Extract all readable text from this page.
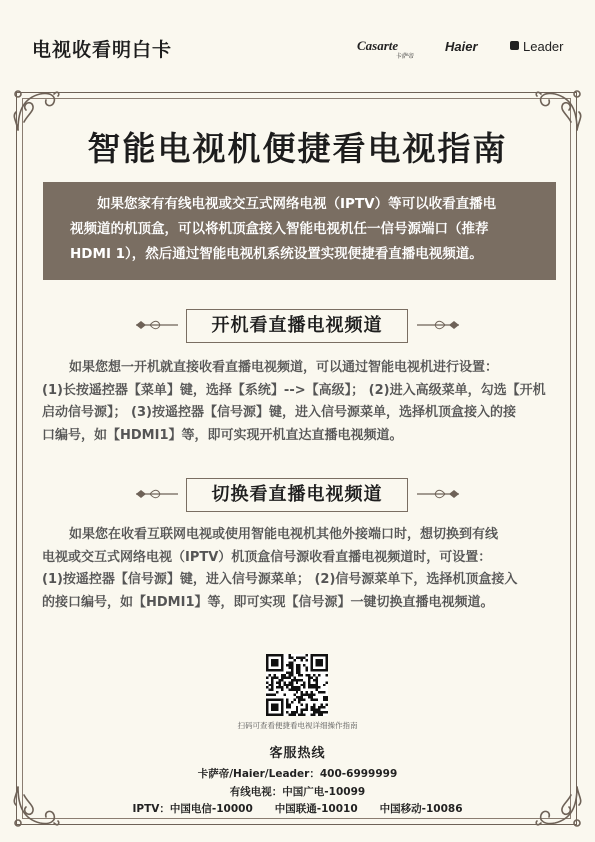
电视收看明白卡	Casarte
卡萨帝
Haier	Leader
智能电视机便捷看电视指南
如果您家有有线电视或交互式网络电视（IPTV）等可以收看直播电
视频道的机顶盒，可以将机顶盒接入智能电视机任一信号源端口（推荐
HDMI 1），然后通过智能电视机系统设置实现便捷看直播电视频道。
开机看直播电视频道
如果您想一开机就直接收看直播电视频道，可以通过智能电视机进行设置：
(1)长按遥控器【菜单】键，选择【系统】-->【高级】； (2)进入高级菜单，勾选【开机
启动信号源】； (3)按遥控器【信号源】键，进入信号源菜单，选择机顶盒接入的接
口编号，如【HDMI1】等，即可实现开机直达直播电视频道。
切换看直播电视频道
如果您在收看互联网电视或使用智能电视机其他外接端口时，想切换到有线
电视或交互式网络电视（IPTV）机顶盒信号源收看直播电视频道时，可设置：
(1)按遥控器【信号源】键，进入信号源菜单； (2)信号源菜单下，选择机顶盒接入
的接口编号，如【HDMI1】等，即可实现【信号源】一键切换直播电视频道。
扫码可查看便捷看电视详细操作指南
客服热线
卡萨帝/Haier/Leader：400-6999999
有线电视：中国广电-10099
IPTV：中国电信-10000 中国联通-10010 中国移动-10086
